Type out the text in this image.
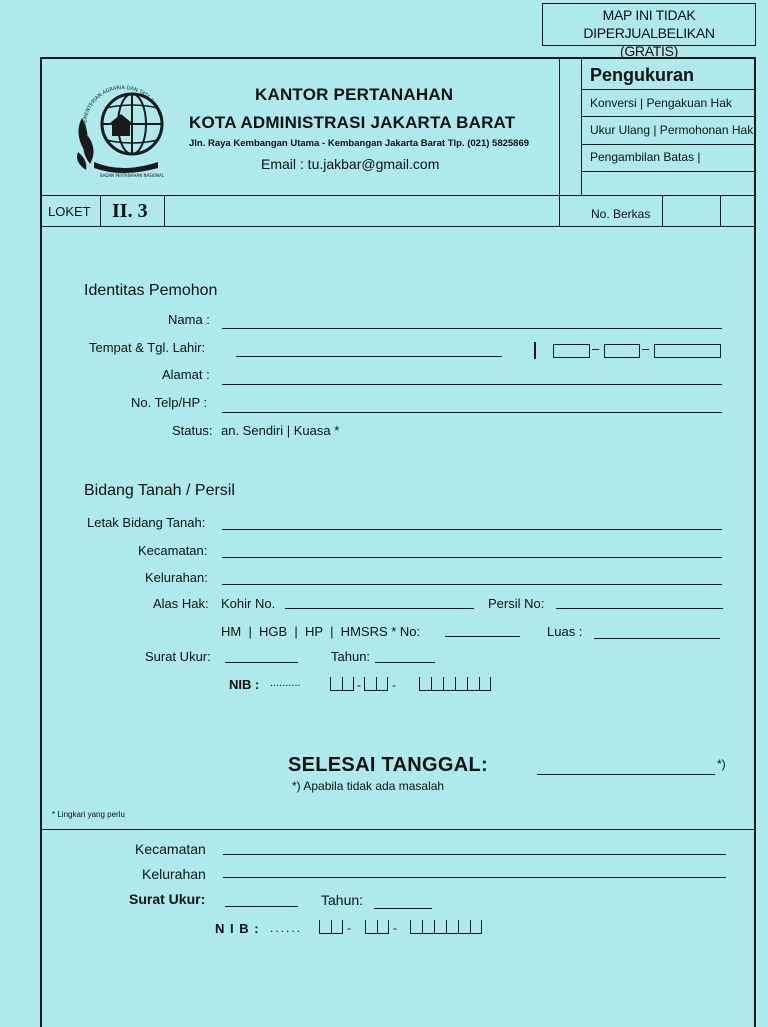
MAP INI TIDAK DIPERJUALBELIKAN
(GRATIS)
KEMENTERIAN AGRARIA DAN TATA RUANG
BADAN PERTANAHAN NASIONAL
KANTOR PERTANAHAN
KOTA ADMINISTRASI JAKARTA BARAT
Jln. Raya Kembangan Utama - Kembangan Jakarta Barat Tlp. (021) 5825869
Email : tu.jakbar@gmail.com
Pengukuran
Konversi | Pengakuan Hak
Ukur Ulang | Permohonan Hak
Pengambilan Batas |
LOKET II. 3	No. Berkas
Identitas Pemohon
Nama :
Tempat & Tgl. Lahir:	–	–
Alamat :
No. Telp/HP :
Status: an. Sendiri | Kuasa *
Bidang Tanah / Persil
Letak Bidang Tanah:
Kecamatan:
Kelurahan:
Alas Hak: Kohir No.	Persil No:
HM  |  HGB  |  HP  |  HMSRS * No:	Luas :
Surat Ukur:	Tahun:
NIB : ..........	-	-
SELESAI TANGGAL:	*)
*) Apabila tidak ada masalah
* Lingkari yang perlu
Kecamatan
Kelurahan
Surat Ukur:	Tahun:
N I B : ......	-	-
